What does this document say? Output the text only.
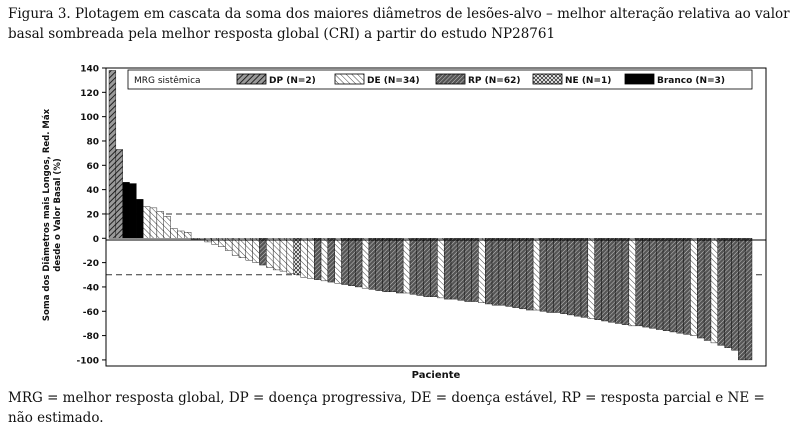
Figura 3. Plotagem em cascata da soma dos maiores diâmetros de lesões-alvo – melhor alteração relativa ao valor basal sombreada pela melhor resposta global (CRI) a partir do estudo NP28761
Soma dos Diâmetros mais Longos, Red. Máx desde o Valor Basal (%)
140
120
100
80
60
40
20
0
-20
-40
-60
-80
-100
MRG sistêmica	DP (N=2)	DE (N=34)	RP (N=62)	NE (N=1)	Branco (N=3)
Paciente
MRG = melhor resposta global, DP = doença progressiva, DE = doença estável, RP = resposta parcial e NE = não estimado.
